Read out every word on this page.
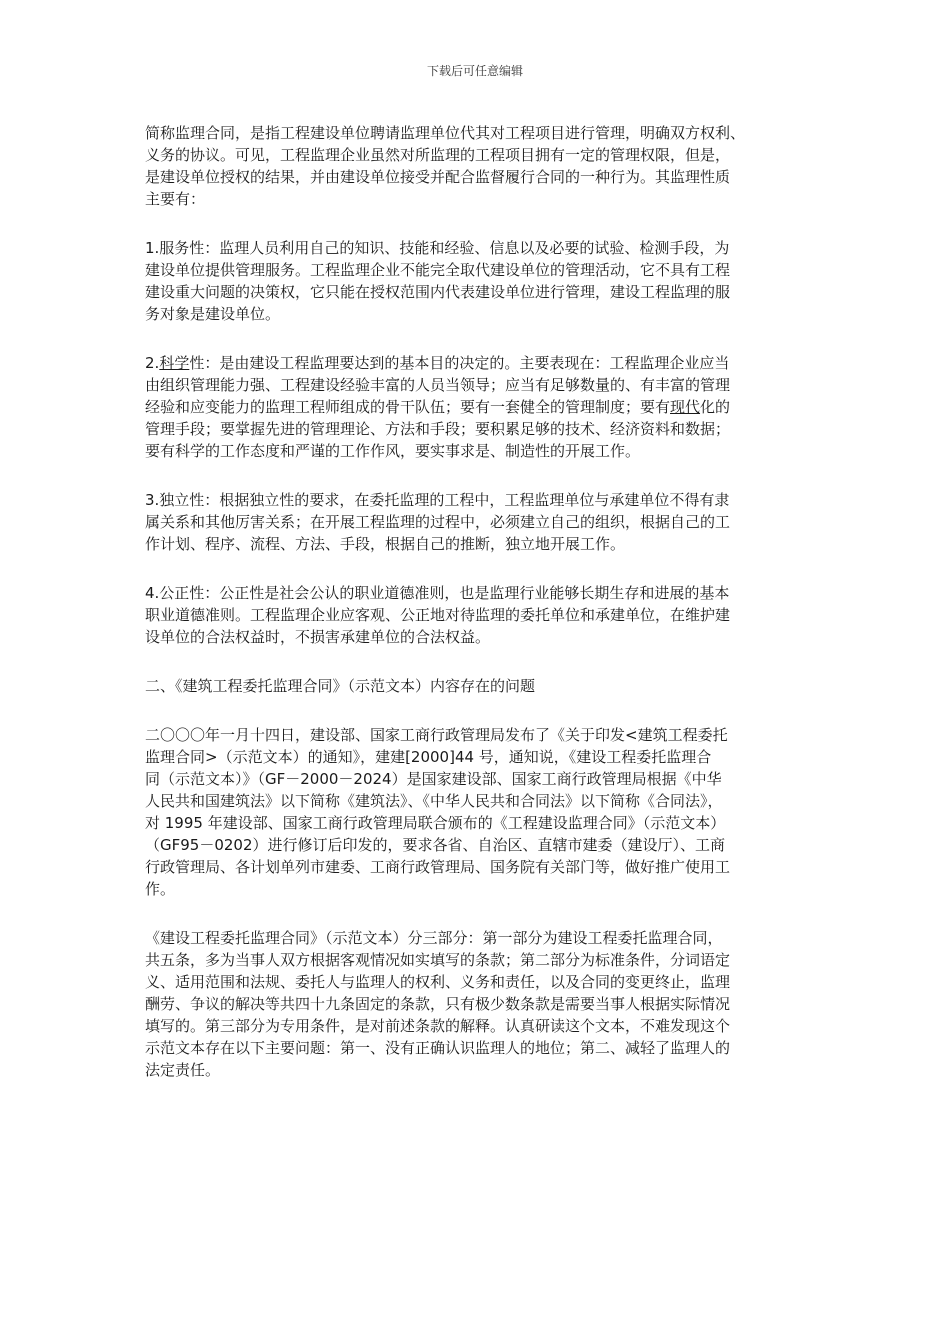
下载后可任意编辑

简称监理合同，是指工程建设单位聘请监理单位代其对工程项目进行管理，明确双方权利、
义务的协议。可见，工程监理企业虽然对所监理的工程项目拥有一定的管理权限，但是，
是建设单位授权的结果，并由建设单位接受并配合监督履行合同的一种行为。其监理性质
主要有：

1.服务性：监理人员利用自己的知识、技能和经验、信息以及必要的试验、检测手段，为
建设单位提供管理服务。工程监理企业不能完全取代建设单位的管理活动，它不具有工程
建设重大问题的决策权，它只能在授权范围内代表建设单位进行管理，建设工程监理的服
务对象是建设单位。

2.科学性：是由建设工程监理要达到的基本目的决定的。主要表现在：工程监理企业应当
由组织管理能力强、工程建设经验丰富的人员当领导；应当有足够数量的、有丰富的管理
经验和应变能力的监理工程师组成的骨干队伍；要有一套健全的管理制度；要有现代化的
管理手段；要掌握先进的管理理论、方法和手段；要积累足够的技术、经济资料和数据；
要有科学的工作态度和严谨的工作作风，要实事求是、制造性的开展工作。

3.独立性：根据独立性的要求，在委托监理的工程中，工程监理单位与承建单位不得有隶
属关系和其他厉害关系；在开展工程监理的过程中，必须建立自己的组织，根据自己的工
作计划、程序、流程、方法、手段，根据自己的推断，独立地开展工作。

4.公正性：公正性是社会公认的职业道德准则，也是监理行业能够长期生存和进展的基本
职业道德准则。工程监理企业应客观、公正地对待监理的委托单位和承建单位，在维护建
设单位的合法权益时，不损害承建单位的合法权益。

二、《建筑工程委托监理合同》（示范文本）内容存在的问题

二〇〇〇年一月十四日，建设部、国家工商行政管理局发布了《关于印发<建筑工程委托
监理合同>（示范文本）的通知》，建建[2000]44 号，通知说，《建设工程委托监理合
同（示范文本）》（GF－2000－2024）是国家建设部、国家工商行政管理局根据《中华
人民共和国建筑法》以下简称《建筑法》、《中华人民共和合同法》以下简称《合同法》，
对 1995 年建设部、国家工商行政管理局联合颁布的《工程建设监理合同》（示范文本）
（GF95－0202）进行修订后印发的，要求各省、自治区、直辖市建委（建设厅）、工商
行政管理局、各计划单列市建委、工商行政管理局、国务院有关部门等，做好推广使用工
作。

《建设工程委托监理合同》（示范文本）分三部分：第一部分为建设工程委托监理合同，
共五条，多为当事人双方根据客观情况如实填写的条款；第二部分为标准条件，分词语定
义、适用范围和法规、委托人与监理人的权利、义务和责任，以及合同的变更终止，监理
酬劳、争议的解决等共四十九条固定的条款，只有极少数条款是需要当事人根据实际情况
填写的。第三部分为专用条件，是对前述条款的解释。认真研读这个文本，不难发现这个
示范文本存在以下主要问题：第一、没有正确认识监理人的地位；第二、减轻了监理人的
法定责任。
